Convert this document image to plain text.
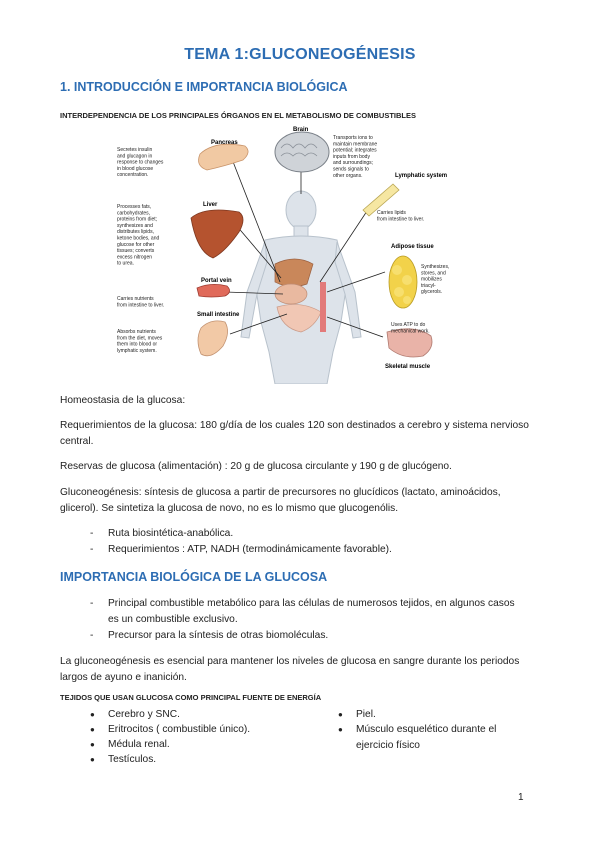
TEMA 1:GLUCONEOGÉNESIS
1. INTRODUCCIÓN E IMPORTANCIA BIOLÓGICA
INTERDEPENDENCIA DE LOS PRINCIPALES ÓRGANOS EN EL METABOLISMO DE COMBUSTIBLES
Brain
Transports ions to
maintain membrane
potential; integrates
inputs from body
and surroundings;
sends signals to
other organs.
Pancreas
Secretes insulin
and glucagon in
response to changes
in blood glucose
concentration.
Liver
Processes fats,
carbohydrates,
proteins from diet;
synthesizes and
distributes lipids,
ketone bodies, and
glucose for other
tissues; converts
excess nitrogen
to urea.
Portal vein
Carries nutrients
from intestine to liver.
Small intestine
Absorbs nutrients
from the diet, moves
them into blood or
lymphatic system.
Lymphatic system
Carries lipids
from intestine to liver.
Adipose tissue
Synthesizes,
stores, and
mobilizes
triacyl-
glycerols.
Skeletal muscle
Uses ATP to do
mechanical work.
Homeostasia de la glucosa:
Requerimientos de la glucosa: 180 g/día de los cuales 120 son destinados a cerebro y sistema nervioso central.
Reservas de glucosa (alimentación) : 20 g de glucosa circulante y 190 g de glucógeno.
Gluconeogénesis: síntesis de glucosa a partir de precursores no glucídicos (lactato, aminoácidos, glicerol). Se sintetiza la glucosa de novo, no es lo mismo que glucogenólis.
- Ruta biosintética-anabólica.
- Requerimientos : ATP, NADH (termodinámicamente favorable).
IMPORTANCIA BIOLÓGICA DE LA GLUCOSA
- Principal combustible metabólico para las células de numerosos tejidos, en algunos casos es un combustible exclusivo.
- Precursor para la síntesis de otras biomoléculas.
La gluconeogénesis es esencial para mantener los niveles de glucosa en sangre durante los periodos largos de ayuno e inanición.
TEJIDOS QUE USAN GLUCOSA COMO PRINCIPAL FUENTE DE ENERGÍA
● Cerebro y SNC.
● Eritrocitos ( combustible único).
● Médula renal.
● Testículos.
● Piel.
● Músculo esquelético durante el ejercicio físico
1
